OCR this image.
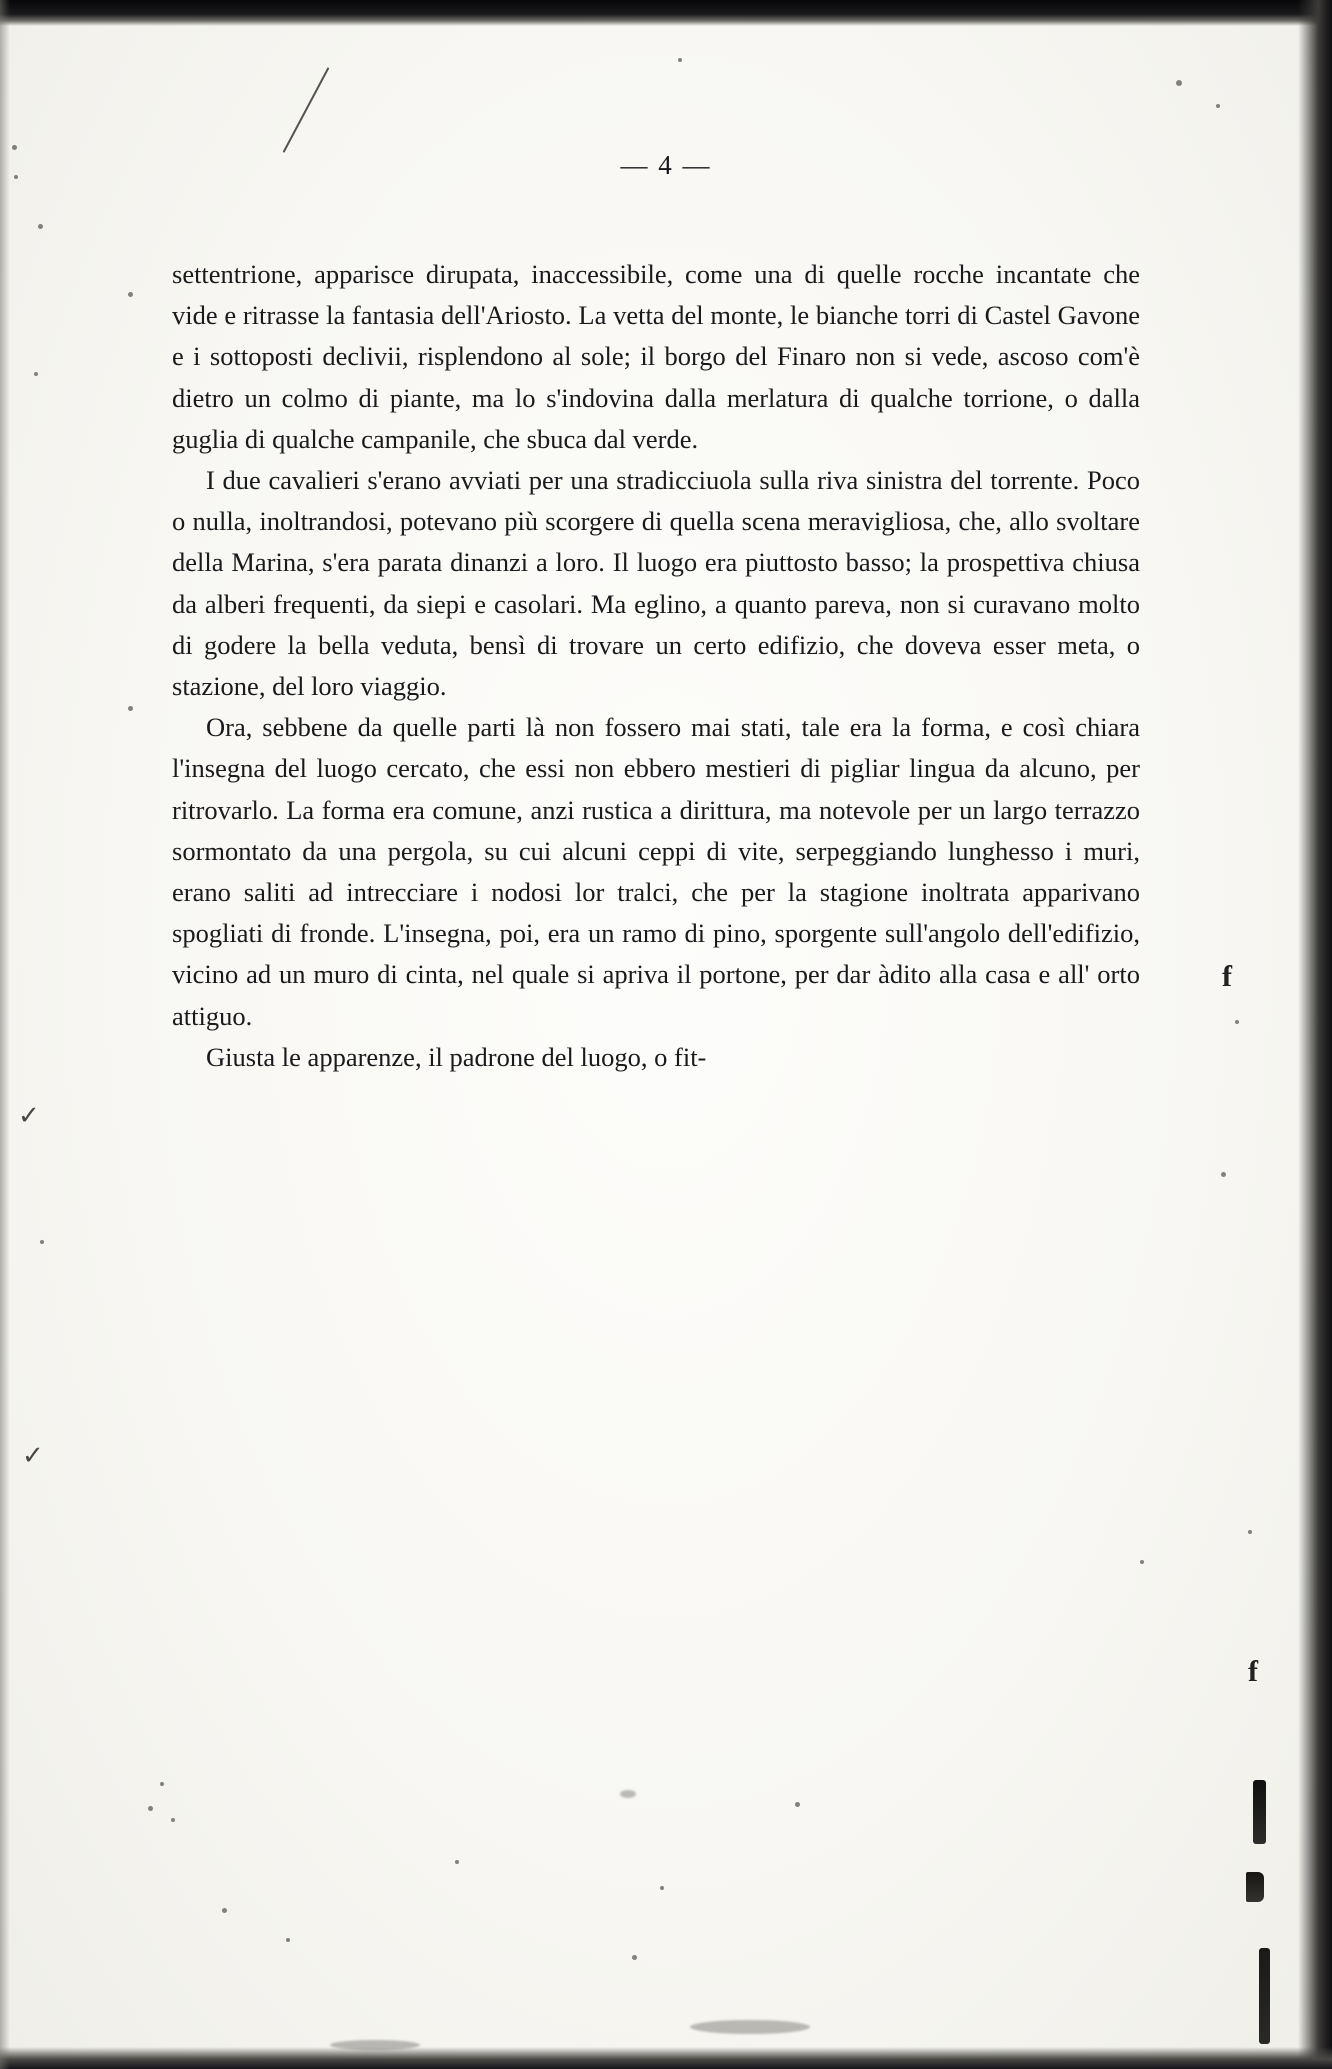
✓
✓
f
f
— 4 —

settentrione, apparisce dirupata, inaccessibile, come una di quelle rocche incantate che vide e ritrasse la fantasia dell'Ariosto. La vetta del monte, le bianche torri di Castel Gavone e i sottoposti declivii, risplendono al sole; il borgo del Finaro non si vede, ascoso com'è dietro un colmo di piante, ma lo s'indovina dalla merlatura di qualche torrione, o dalla guglia di qualche campanile, che sbuca dal verde.

I due cavalieri s'erano avviati per una stradicciuola sulla riva sinistra del torrente. Poco o nulla, inoltrandosi, potevano più scorgere di quella scena meravigliosa, che, allo svoltare della Marina, s'era parata dinanzi a loro. Il luogo era piuttosto basso; la prospettiva chiusa da alberi frequenti, da siepi e casolari. Ma eglino, a quanto pareva, non si curavano molto di godere la bella veduta, bensì di trovare un certo edifizio, che doveva esser meta, o stazione, del loro viaggio.

Ora, sebbene da quelle parti là non fossero mai stati, tale era la forma, e così chiara l'insegna del luogo cercato, che essi non ebbero mestieri di pigliar lingua da alcuno, per ritrovarlo. La forma era comune, anzi rustica a dirittura, ma notevole per un largo terrazzo sormontato da una pergola, su cui alcuni ceppi di vite, serpeggiando lunghesso i muri, erano saliti ad intrecciare i nodosi lor tralci, che per la stagione inoltrata apparivano spogliati di fronde. L'insegna, poi, era un ramo di pino, sporgente sull'angolo dell'edifizio, vicino ad un muro di cinta, nel quale si apriva il portone, per dar àdito alla casa e all' orto attiguo.

Giusta le apparenze, il padrone del luogo, o fit-
